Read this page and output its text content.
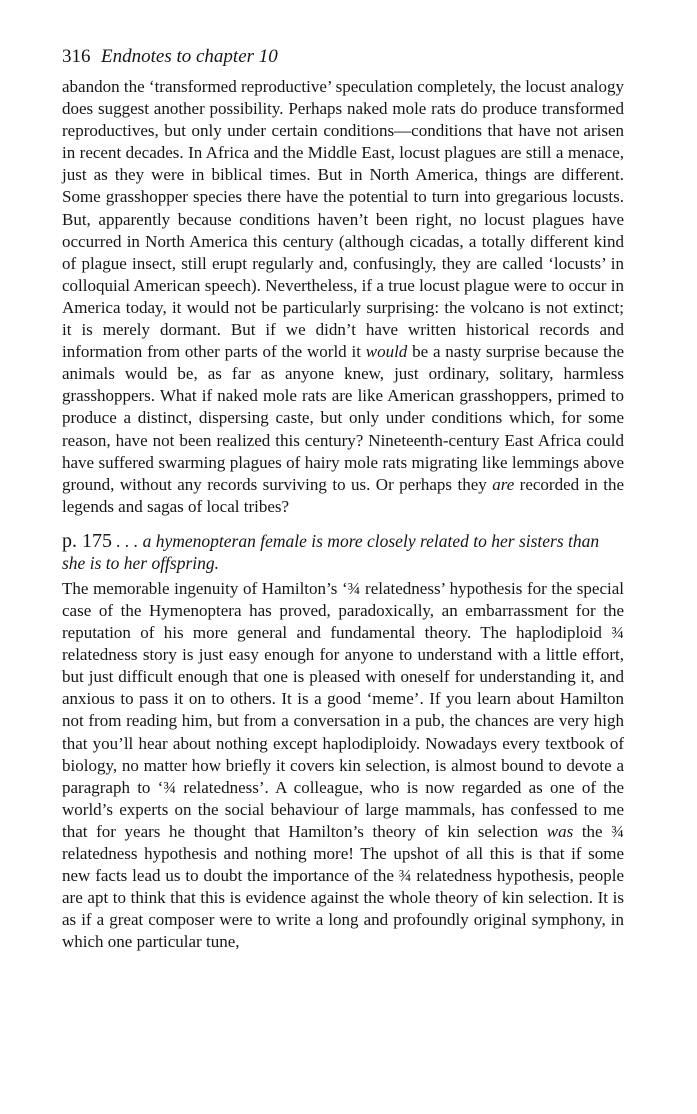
316 Endnotes to chapter 10

abandon the ‘transformed reproductive’ speculation completely, the locust analogy does suggest another possibility. Perhaps naked mole rats do produce transformed reproductives, but only under certain conditions—conditions that have not arisen in recent decades. In Africa and the Middle East, locust plagues are still a menace, just as they were in biblical times. But in North America, things are different. Some grasshopper species there have the potential to turn into gregarious locusts. But, apparently because conditions haven’t been right, no locust plagues have occurred in North America this century (although cicadas, a totally different kind of plague insect, still erupt regularly and, confusingly, they are called ‘locusts’ in colloquial American speech). Nevertheless, if a true locust plague were to occur in America today, it would not be particularly surprising: the volcano is not extinct; it is merely dormant. But if we didn’t have written historical records and information from other parts of the world it would be a nasty surprise because the animals would be, as far as anyone knew, just ordinary, solitary, harmless grasshoppers. What if naked mole rats are like American grasshoppers, primed to produce a distinct, dispersing caste, but only under conditions which, for some reason, have not been realized this century? Nineteenth-century East Africa could have suffered swarming plagues of hairy mole rats migrating like lemmings above ground, without any records surviving to us. Or perhaps they are recorded in the legends and sagas of local tribes?

p. 175 . . . a hymenopteran female is more closely related to her sisters than she is to her offspring.

The memorable ingenuity of Hamilton’s ‘¾ relatedness’ hypothesis for the special case of the Hymenoptera has proved, paradoxically, an embarrassment for the reputation of his more general and fundamental theory. The haplodiploid ¾ relatedness story is just easy enough for anyone to understand with a little effort, but just difficult enough that one is pleased with oneself for understanding it, and anxious to pass it on to others. It is a good ‘meme’. If you learn about Hamilton not from reading him, but from a conversation in a pub, the chances are very high that you’ll hear about nothing except haplodiploidy. Nowadays every textbook of biology, no matter how briefly it covers kin selection, is almost bound to devote a paragraph to ‘¾ relatedness’. A colleague, who is now regarded as one of the world’s experts on the social behaviour of large mammals, has confessed to me that for years he thought that Hamilton’s theory of kin selection was the ¾ relatedness hypothesis and nothing more! The upshot of all this is that if some new facts lead us to doubt the importance of the ¾ relatedness hypothesis, people are apt to think that this is evidence against the whole theory of kin selection. It is as if a great composer were to write a long and profoundly original symphony, in which one particular tune,
